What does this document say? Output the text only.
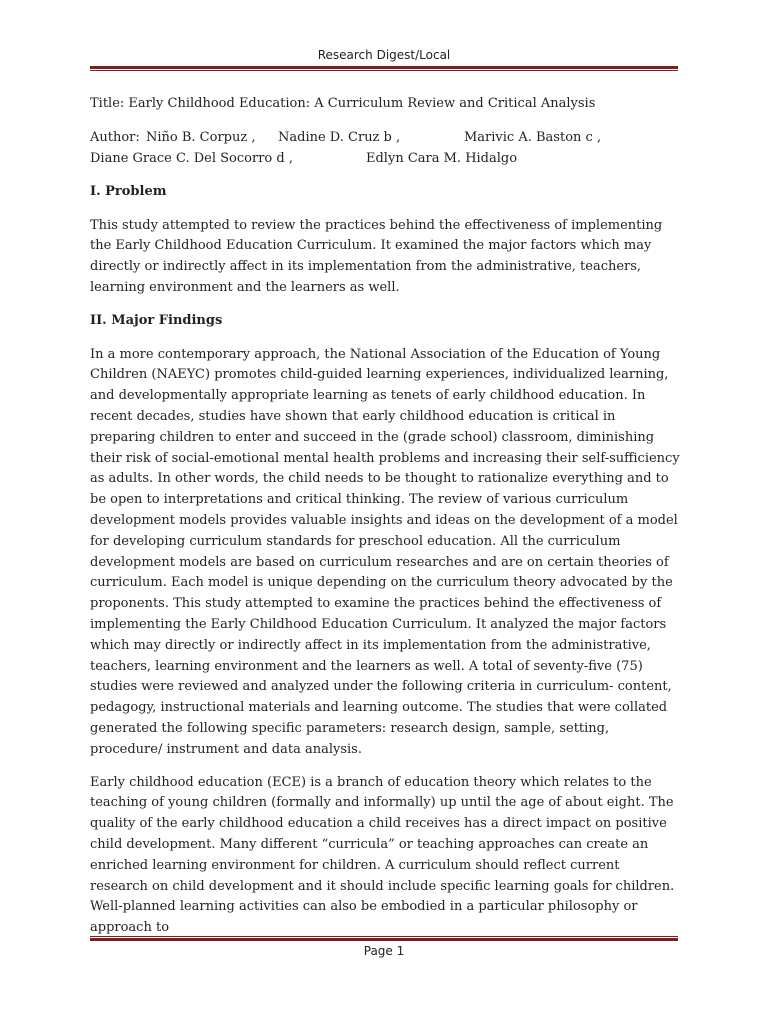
Research Digest/Local

Title: Early Childhood Education: A Curriculum Review and Critical Analysis

Author: Niño B. Corpuz , Nadine D. Cruz b ,	Marivic A. Baston c ,
Diane Grace C. Del Socorro d ,	Edlyn Cara M. Hidalgo

I. Problem

This study attempted to review the practices behind the effectiveness of implementing the Early Childhood Education Curriculum. It examined the major factors which may directly or indirectly affect in its implementation from the administrative, teachers, learning environment and the learners as well.

II. Major Findings

In a more contemporary approach, the National Association of the Education of Young Children (NAEYC) promotes child-guided learning experiences, individualized learning, and developmentally appropriate learning as tenets of early childhood education. In recent decades, studies have shown that early childhood education is critical in preparing children to enter and succeed in the (grade school) classroom, diminishing their risk of social-emotional mental health problems and increasing their self-sufficiency as adults. In other words, the child needs to be thought to rationalize everything and to be open to interpretations and critical thinking. The review of various curriculum development models provides valuable insights and ideas on the development of a model for developing curriculum standards for preschool education. All the curriculum development models are based on curriculum researches and are on certain theories of curriculum. Each model is unique depending on the curriculum theory advocated by the proponents. This study attempted to examine the practices behind the effectiveness of implementing the Early Childhood Education Curriculum. It analyzed the major factors which may directly or indirectly affect in its implementation from the administrative, teachers, learning environment and the learners as well. A total of seventy-five (75) studies were reviewed and analyzed under the following criteria in curriculum- content, pedagogy, instructional materials and learning outcome. The studies that were collated generated the following specific parameters: research design, sample, setting, procedure/ instrument and data analysis.

Early childhood education (ECE) is a branch of education theory which relates to the teaching of young children (formally and informally) up until the age of about eight. The quality of the early childhood education a child receives has a direct impact on positive child development. Many different “curricula” or teaching approaches can create an enriched learning environment for children. A curriculum should reflect current research on child development and it should include specific learning goals for children. Well-planned learning activities can also be embodied in a particular philosophy or approach to

Page 1
